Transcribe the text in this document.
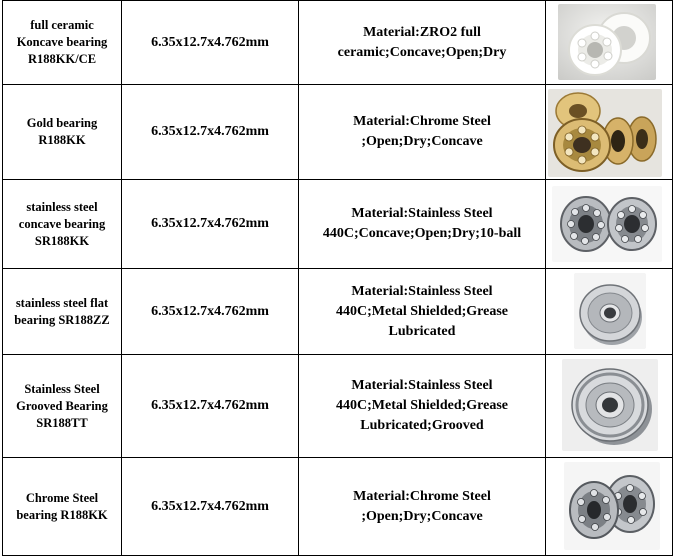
full ceramic
Koncave bearing
R188KK/CE	6.35x12.7x4.762mm	Material:ZRO2 full
ceramic;Concave;Open;Dry	

Gold bearing
R188KK	6.35x12.7x4.762mm	Material:Chrome Steel
;Open;Dry;Concave	

stainless steel
concave bearing
SR188KK	6.35x12.7x4.762mm	Material:Stainless Steel
440C;Concave;Open;Dry;10-ball	

stainless steel flat
bearing SR188ZZ	6.35x12.7x4.762mm	Material:Stainless Steel
440C;Metal Shielded;Grease
Lubricated	

Stainless Steel
Grooved Bearing
SR188TT	6.35x12.7x4.762mm	Material:Stainless Steel
440C;Metal Shielded;Grease
Lubricated;Grooved	

Chrome Steel
bearing R188KK	6.35x12.7x4.762mm	Material:Chrome Steel
;Open;Dry;Concave	
